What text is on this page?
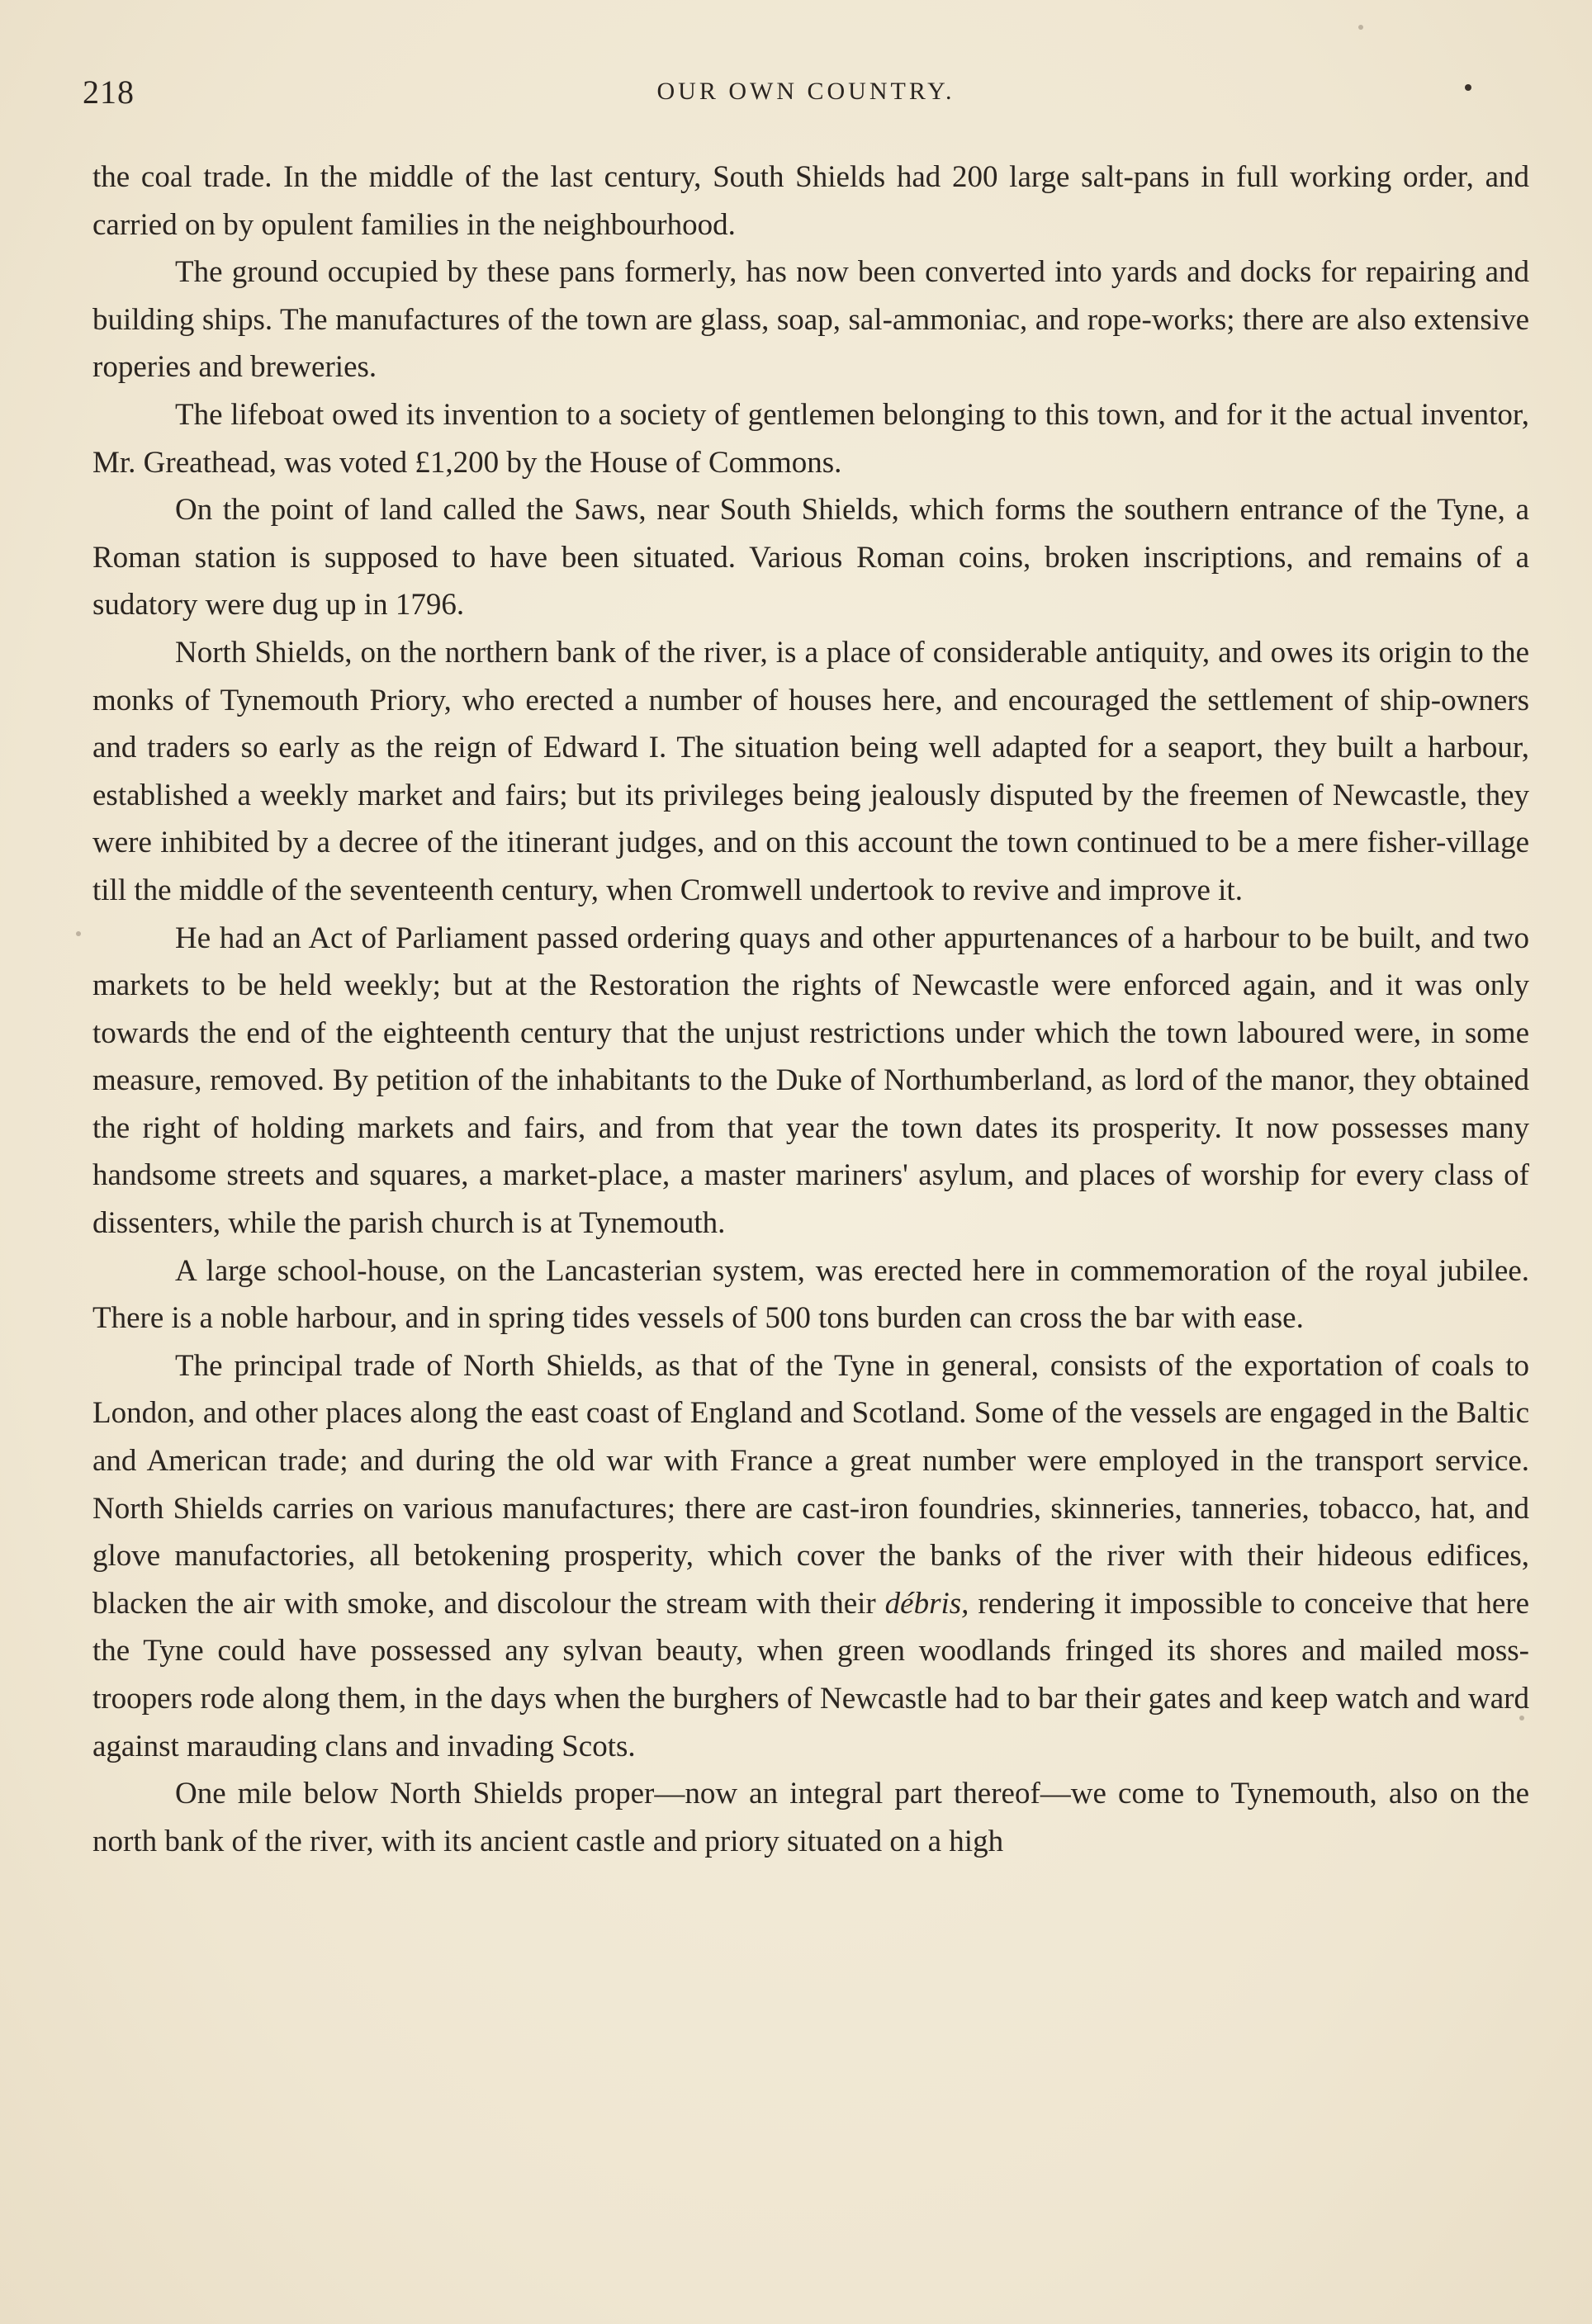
218	OUR OWN COUNTRY.

the coal trade. In the middle of the last century, South Shields had 200 large salt-pans in full working order, and carried on by opulent families in the neighbourhood.

The ground occupied by these pans formerly, has now been converted into yards and docks for repairing and building ships. The manufactures of the town are glass, soap, sal-ammoniac, and rope-works; there are also extensive roperies and breweries.

The lifeboat owed its invention to a society of gentlemen belonging to this town, and for it the actual inventor, Mr. Greathead, was voted £1,200 by the House of Commons.

On the point of land called the Saws, near South Shields, which forms the southern entrance of the Tyne, a Roman station is supposed to have been situated. Various Roman coins, broken inscriptions, and remains of a sudatory were dug up in 1796.

North Shields, on the northern bank of the river, is a place of considerable antiquity, and owes its origin to the monks of Tynemouth Priory, who erected a number of houses here, and encouraged the settlement of ship-owners and traders so early as the reign of Edward I. The situation being well adapted for a seaport, they built a harbour, established a weekly market and fairs; but its privileges being jealously disputed by the freemen of Newcastle, they were inhibited by a decree of the itinerant judges, and on this account the town continued to be a mere fisher-village till the middle of the seventeenth century, when Cromwell undertook to revive and improve it.

He had an Act of Parliament passed ordering quays and other appurtenances of a harbour to be built, and two markets to be held weekly; but at the Restoration the rights of Newcastle were enforced again, and it was only towards the end of the eighteenth century that the unjust restrictions under which the town laboured were, in some measure, removed. By petition of the inhabitants to the Duke of Northumberland, as lord of the manor, they obtained the right of holding markets and fairs, and from that year the town dates its prosperity. It now possesses many handsome streets and squares, a market-place, a master mariners' asylum, and places of worship for every class of dissenters, while the parish church is at Tynemouth.

A large school-house, on the Lancasterian system, was erected here in commemoration of the royal jubilee. There is a noble harbour, and in spring tides vessels of 500 tons burden can cross the bar with ease.

The principal trade of North Shields, as that of the Tyne in general, consists of the exportation of coals to London, and other places along the east coast of England and Scotland. Some of the vessels are engaged in the Baltic and American trade; and during the old war with France a great number were employed in the transport service. North Shields carries on various manufactures; there are cast-iron foundries, skinneries, tanneries, tobacco, hat, and glove manufactories, all betokening prosperity, which cover the banks of the river with their hideous edifices, blacken the air with smoke, and discolour the stream with their débris, rendering it impossible to conceive that here the Tyne could have possessed any sylvan beauty, when green woodlands fringed its shores and mailed moss-troopers rode along them, in the days when the burghers of Newcastle had to bar their gates and keep watch and ward against marauding clans and invading Scots.

One mile below North Shields proper—now an integral part thereof—we come to Tynemouth, also on the north bank of the river, with its ancient castle and priory situated on a high
